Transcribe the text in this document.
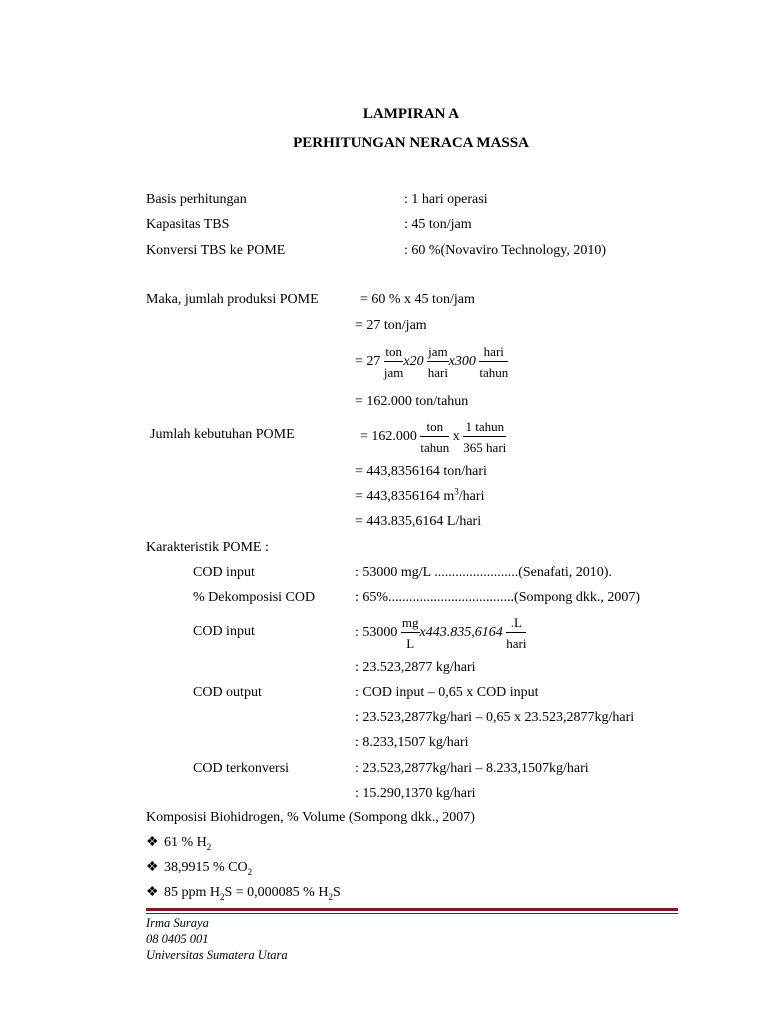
LAMPIRAN A
PERHITUNGAN NERACA MASSA
Basis perhitungan	: 1 hari operasi
Kapasitas TBS	: 45 ton/jam
Konversi TBS ke POME	: 60 %(Novaviro Technology, 2010)
Maka, jumlah produksi POME	= 60 % x 45 ton/jam
= 27 ton/jam
= $27 \frac{\text{ton}}{\text{jam}} x20 \frac{\text{jam}}{\text{hari}} x300 \frac{\text{hari}}{\text{tahun}}$
= 162.000 ton/tahun
Jumlah kebutuhan POME	= $162.000 \frac{\text{ton}}{\text{tahun}}$ x $\frac{\text{1 tahun}}{\text{365 hari}}$
= 443,8356164 ton/hari
= 443,8356164 $m^3$/hari
= 443.835,6164 L/hari
Karakteristik POME :
COD input	: 53000 mg/L ........................(Senafati, 2010).
% Dekomposisi COD	: 65%....................................(Sompong dkk., 2007)
COD input	: $53000 \frac{mg}{L} x443.835,6164 \frac{.L}{\text{hari}}$
: 23.523,2877 kg/hari
COD output	: COD input – 0,65 x COD input
: 23.523,2877kg/hari – 0,65 x 23.523,2877kg/hari
: 8.233,1507 kg/hari
COD terkonversi	: 23.523,2877kg/hari – 8.233,1507kg/hari
: 15.290,1370 kg/hari
Komposisi Biohidrogen, % Volume (Sompong dkk., 2007)
❖ 61 % $H_2$
❖ 38,9915 % $CO_2$
❖ 85 ppm $H_2S = 0,000085$ % $H_2S$
Irma Suraya
08 0405 001
Universitas Sumatera Utara
